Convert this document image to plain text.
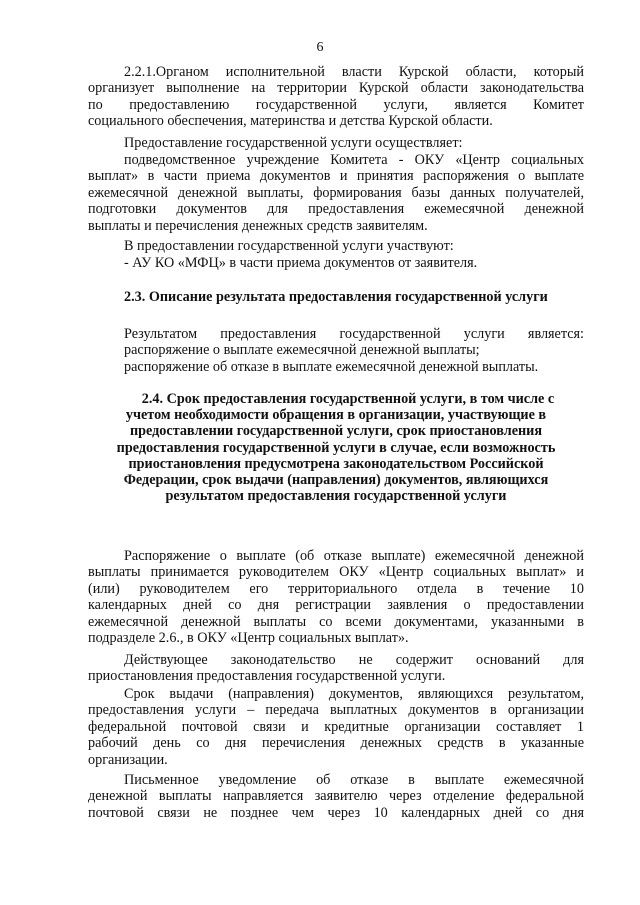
6
2.2.1.Органом исполнительной власти Курской области, который
организует выполнение на территории Курской области законодательства
по предоставлению государственной услуги, является Комитет
социального обеспечения, материнства и детства Курской области.
Предоставление государственной услуги осуществляет:
подведомственное учреждение Комитета - ОКУ «Центр социальных
выплат» в части приема документов и принятия распоряжения о выплате
ежемесячной денежной выплаты, формирования базы данных получателей,
подготовки документов для предоставления ежемесячной денежной
выплаты и перечисления денежных средств заявителям.
В предоставлении государственной услуги участвуют:
- АУ КО «МФЦ» в части приема документов от заявителя.
2.3. Описание результата предоставления государственной услуги
Результатом предоставления государственной услуги является:
распоряжение о выплате ежемесячной денежной выплаты;
распоряжение об отказе в выплате ежемесячной денежной выплаты.
2.4. Срок предоставления государственной услуги, в том числе с
учетом необходимости обращения в организации, участвующие в
предоставлении государственной услуги, срок приостановления
предоставления государственной услуги в случае, если возможность
приостановления предусмотрена законодательством Российской
Федерации, срок выдачи (направления) документов, являющихся
результатом предоставления государственной услуги
Распоряжение о выплате (об отказе выплате) ежемесячной денежной
выплаты принимается руководителем ОКУ «Центр социальных выплат» и
(или) руководителем его территориального отдела в течение 10
календарных дней со дня регистрации заявления о предоставлении
ежемесячной денежной выплаты со всеми документами, указанными в
подразделе 2.6., в ОКУ «Центр социальных выплат».
Действующее законодательство не содержит оснований для
приостановления предоставления государственной услуги.
Срок выдачи (направления) документов, являющихся результатом,
предоставления услуги – передача выплатных документов в организации
федеральной почтовой связи и кредитные организации составляет 1
рабочий день со дня перечисления денежных средств в указанные
организации.
Письменное уведомление об отказе в выплате ежемесячной
денежной выплаты направляется заявителю через отделение федеральной
почтовой связи не позднее чем через 10 календарных дней со дня
